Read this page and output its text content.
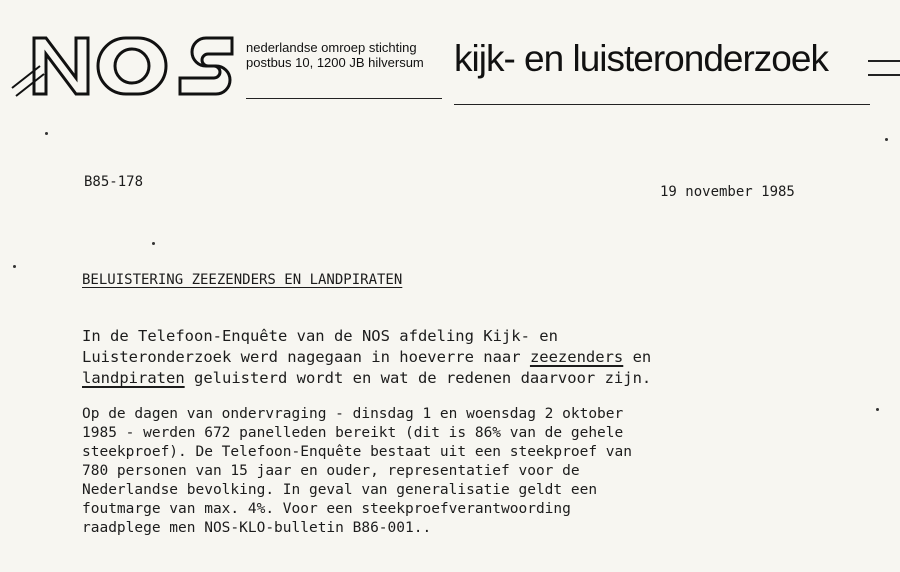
nederlandse omroep stichting
postbus 10, 1200 JB hilversum kijk- en luisteronderzoek
B85-178
19 november 1985
BELUISTERING ZEEZENDERS EN LANDPIRATEN
In de Telefoon-Enquête van de NOS afdeling Kijk- en
Luisteronderzoek werd nagegaan in hoeverre naar zeezenders en
landpiraten geluisterd wordt en wat de redenen daarvoor zijn.
Op de dagen van ondervraging - dinsdag 1 en woensdag 2 oktober
1985 - werden 672 panelleden bereikt (dit is 86% van de gehele
steekproef). De Telefoon-Enquête bestaat uit een steekproef van
780 personen van 15 jaar en ouder, representatief voor de
Nederlandse bevolking. In geval van generalisatie geldt een
foutmarge van max. 4%. Voor een steekproefverantwoording
raadplege men NOS-KLO-bulletin B86-001..
